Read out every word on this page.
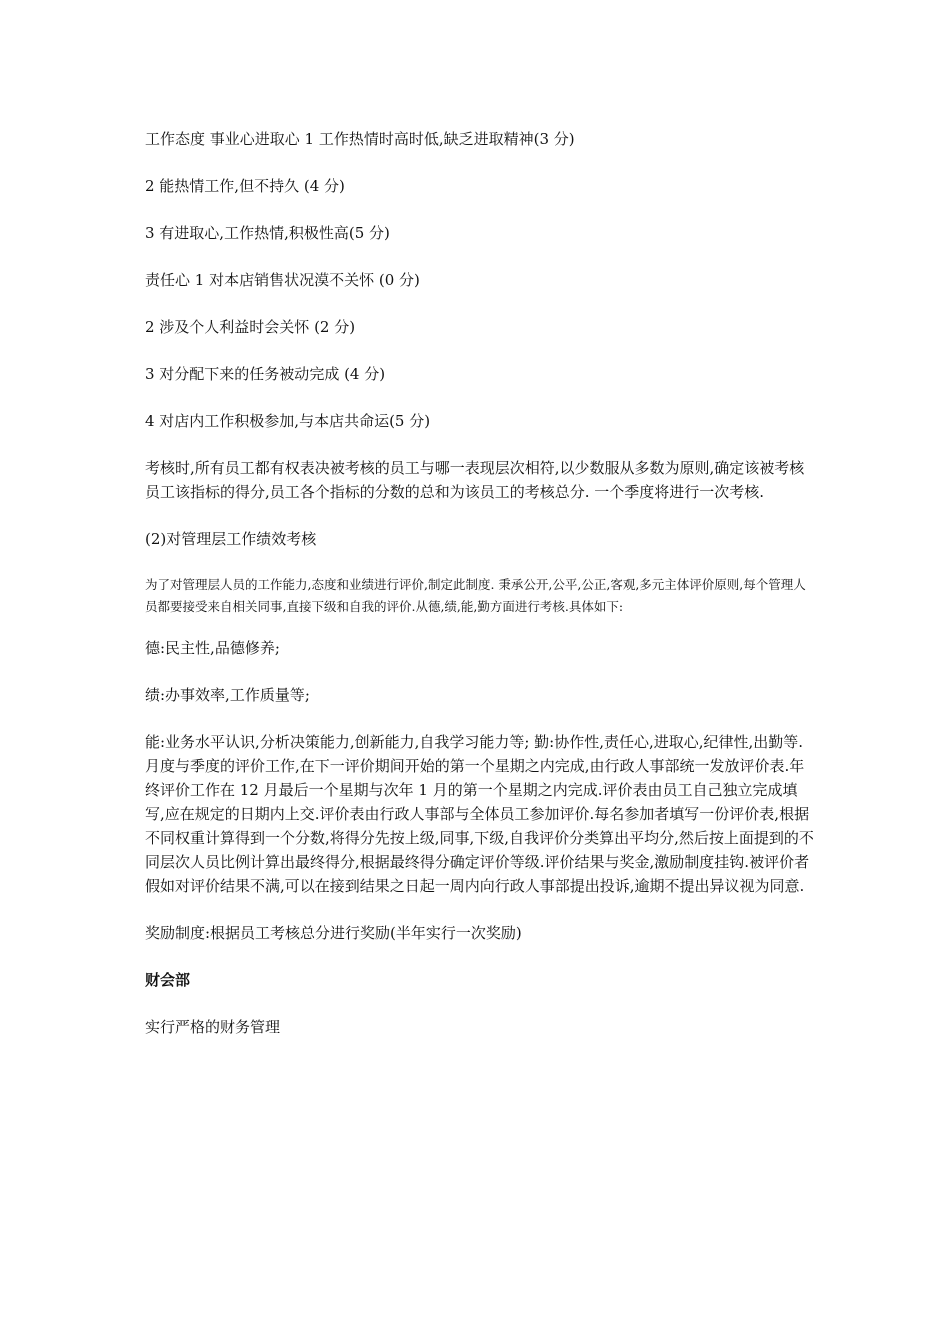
工作态度 事业心进取心 1 工作热情时高时低,缺乏进取精神(3 分)

2 能热情工作,但不持久 (4 分)

3 有进取心,工作热情,积极性高(5 分)

责任心 1 对本店销售状况漠不关怀 (0 分)

2 涉及个人利益时会关怀 (2 分)

3 对分配下来的任务被动完成 (4 分)

4 对店内工作积极参加,与本店共命运(5 分)

考核时,所有员工都有权表决被考核的员工与哪一表现层次相符,以少数服从多数为原则,确定该被考核员工该指标的得分,员工各个指标的分数的总和为该员工的考核总分. 一个季度将进行一次考核.

(2)对管理层工作绩效考核

为了对管理层人员的工作能力,态度和业绩进行评价,制定此制度. 秉承公开,公平,公正,客观,多元主体评价原则,每个管理人员都要接受来自相关同事,直接下级和自我的评价.从德,绩,能,勤方面进行考核.具体如下:

德:民主性,品德修养;

绩:办事效率,工作质量等;

能:业务水平认识,分析决策能力,创新能力,自我学习能力等; 勤:协作性,责任心,进取心,纪律性,出勤等.

月度与季度的评价工作,在下一评价期间开始的第一个星期之内完成,由行政人事部统一发放评价表.年终评价工作在 12 月最后一个星期与次年 1 月的第一个星期之内完成.评价表由员工自己独立完成填写,应在规定的日期内上交.评价表由行政人事部与全体员工参加评价.每名参加者填写一份评价表,根据不同权重计算得到一个分数,将得分先按上级,同事,下级,自我评价分类算出平均分,然后按上面提到的不同层次人员比例计算出最终得分,根据最终得分确定评价等级.评价结果与奖金,激励制度挂钩.被评价者假如对评价结果不满,可以在接到结果之日起一周内向行政人事部提出投诉,逾期不提出异议视为同意.

奖励制度:根据员工考核总分进行奖励(半年实行一次奖励)

财会部

实行严格的财务管理
